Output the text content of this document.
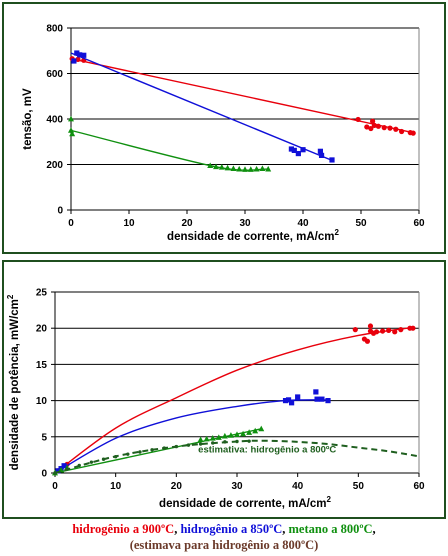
0
200
400
600
800
0	10	20	30	40	50	60
densidade de corrente, $mA/cm^2$
tensão, mV
0
5
10
15
20
25
0	10	20	30	40	50	60
densidade de corrente, $mA/cm^2$
densidade de potência, $mW/cm^2$
estimativa: hidrogênio a 800ºC
hidrogênio a 900ºC, hidrogênio a 850ºC, metano a 800ºC,
(estimava para hidrogênio a 800ºC)
